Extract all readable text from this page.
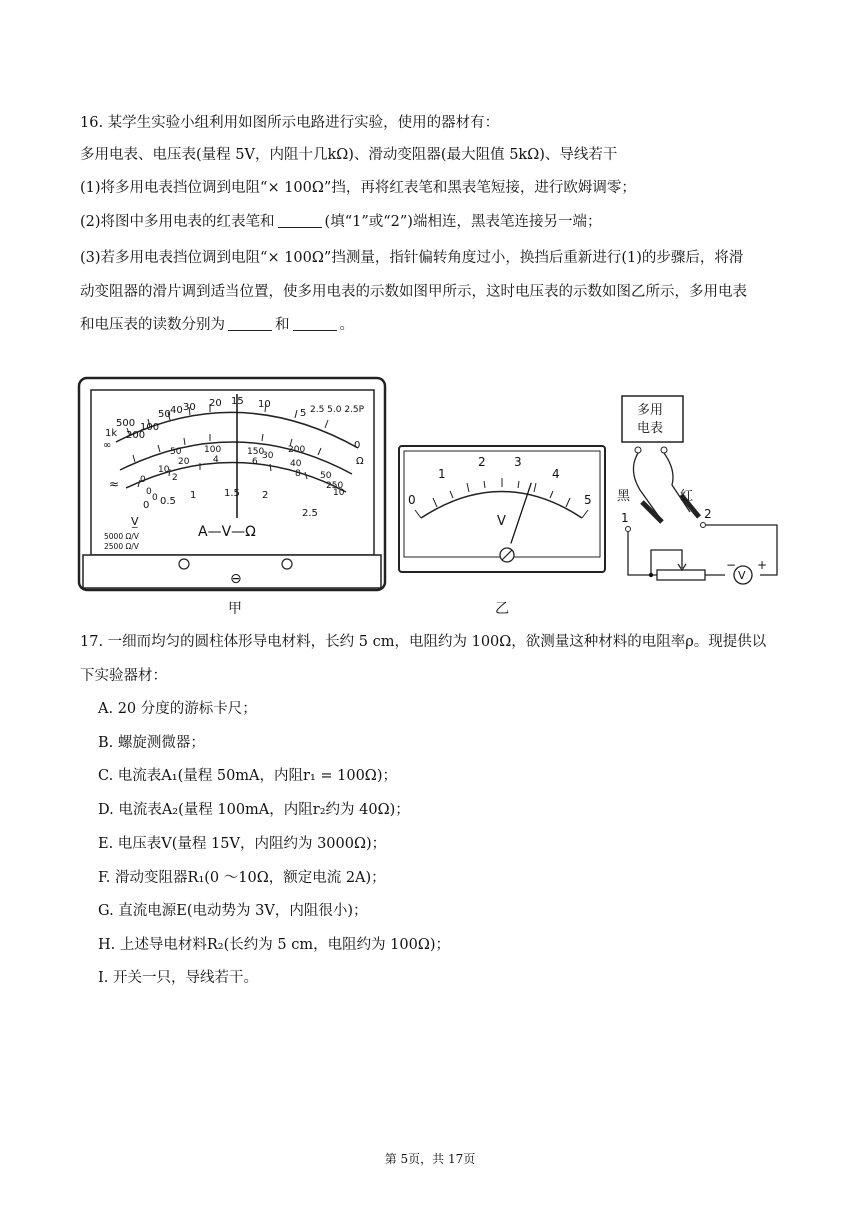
16. 某学生实验小组利用如图所示电路进行实验，使用的器材有：
多用电表、电压表(量程 5V，内阻十几kΩ)、滑动变阻器(最大阻值 5kΩ)、导线若干
(1)将多用电表挡位调到电阻“× 100Ω”挡，再将红表笔和黑表笔短接，进行欧姆调零；
(2)将图中多用电表的红表笔和	(填“1”或“2”)端相连，黑表笔连接另一端；
(3)若多用电表挡位调到电阻“× 100Ω”挡测量，指针偏转角度过小，换挡后重新进行(1)的步骤后，将滑
动变阻器的滑片调到适当位置，使多用电表的示数如图甲所示，这时电压表的示数如图乙所示，多用电表
和电压表的读数分别为	和	。
∞
1k
500
200
100
50 40 30 20 15 10
5
0
Ω
2.5 5.0 2.5P
0
10
20
30
40
50
0
50	100	150	200
250
0
2
4	6
8
10
0 0.5
1	1.5 2
2.5
≈
V̲
A—V—Ω
5000 Ω/V
2500 Ω/V
⊖
0
1
2 3
4
5
V
多用
电表
黑	红
1	2
V
− +
甲	乙
17. 一细而均匀的圆柱体形导电材料，长约 5 cm，电阻约为 100Ω，欲测量这种材料的电阻率ρ。现提供以
下实验器材：
A. 20 分度的游标卡尺；
B. 螺旋测微器；
C. 电流表A₁(量程 50mA，内阻r₁ = 100Ω)；
D. 电流表A₂(量程 100mA，内阻r₂约为 40Ω)；
E. 电压表V(量程 15V，内阻约为 3000Ω)；
F. 滑动变阻器R₁(0 ～10Ω，额定电流 2A)；
G. 直流电源E(电动势为 3V，内阻很小)；
H. 上述导电材料R₂(长约为 5 cm，电阻约为 100Ω)；
I. 开关一只，导线若干。
第 5页，共 17页
